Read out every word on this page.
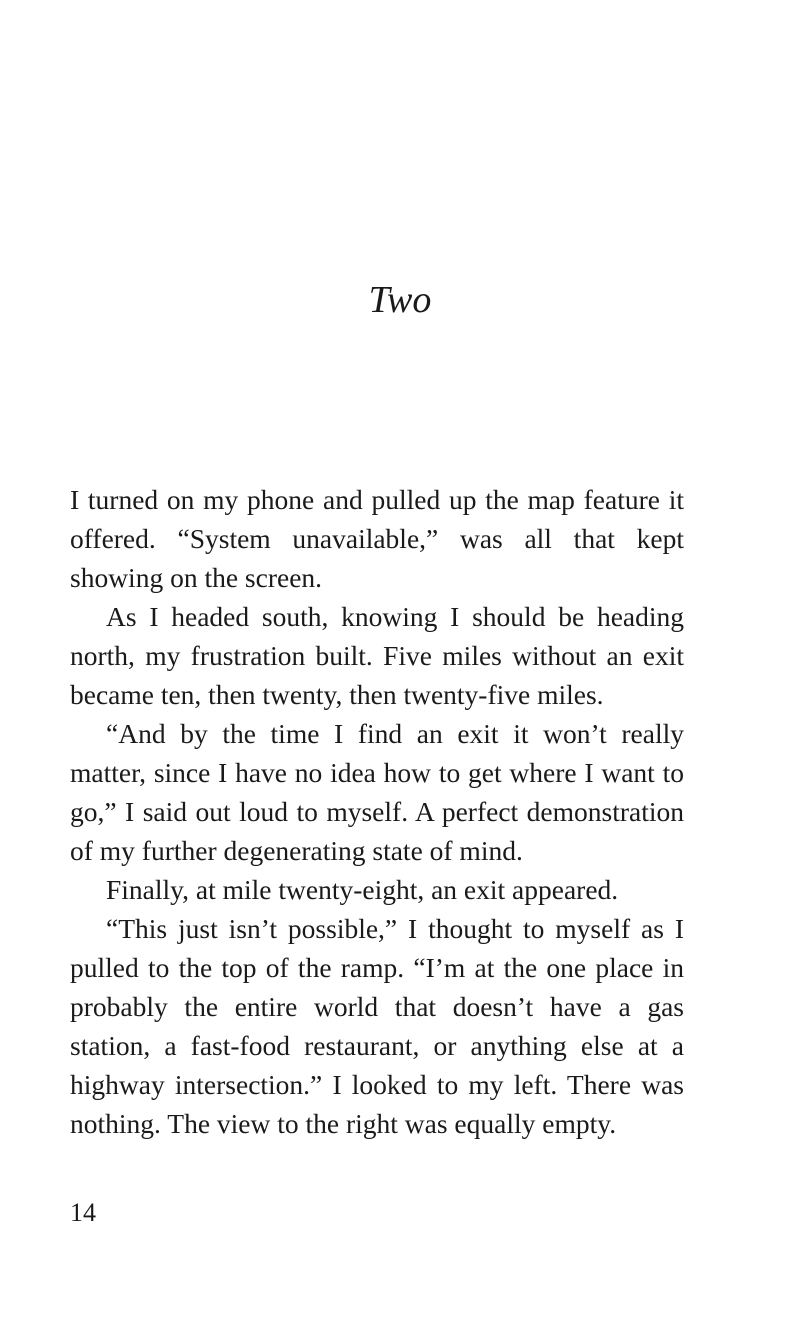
Two

I turned on my phone and pulled up the map feature it offered. “System unavailable,” was all that kept showing on the screen.

As I headed south, knowing I should be heading north, my frustration built. Five miles without an exit became ten, then twenty, then twenty-five miles.

“And by the time I find an exit it won’t really matter, since I have no idea how to get where I want to go,” I said out loud to myself. A perfect demonstration of my further degenerating state of mind.

Finally, at mile twenty-eight, an exit appeared.

“This just isn’t possible,” I thought to myself as I pulled to the top of the ramp. “I’m at the one place in probably the entire world that doesn’t have a gas station, a fast-food restaurant, or anything else at a highway intersection.” I looked to my left. There was nothing. The view to the right was equally empty.

14
